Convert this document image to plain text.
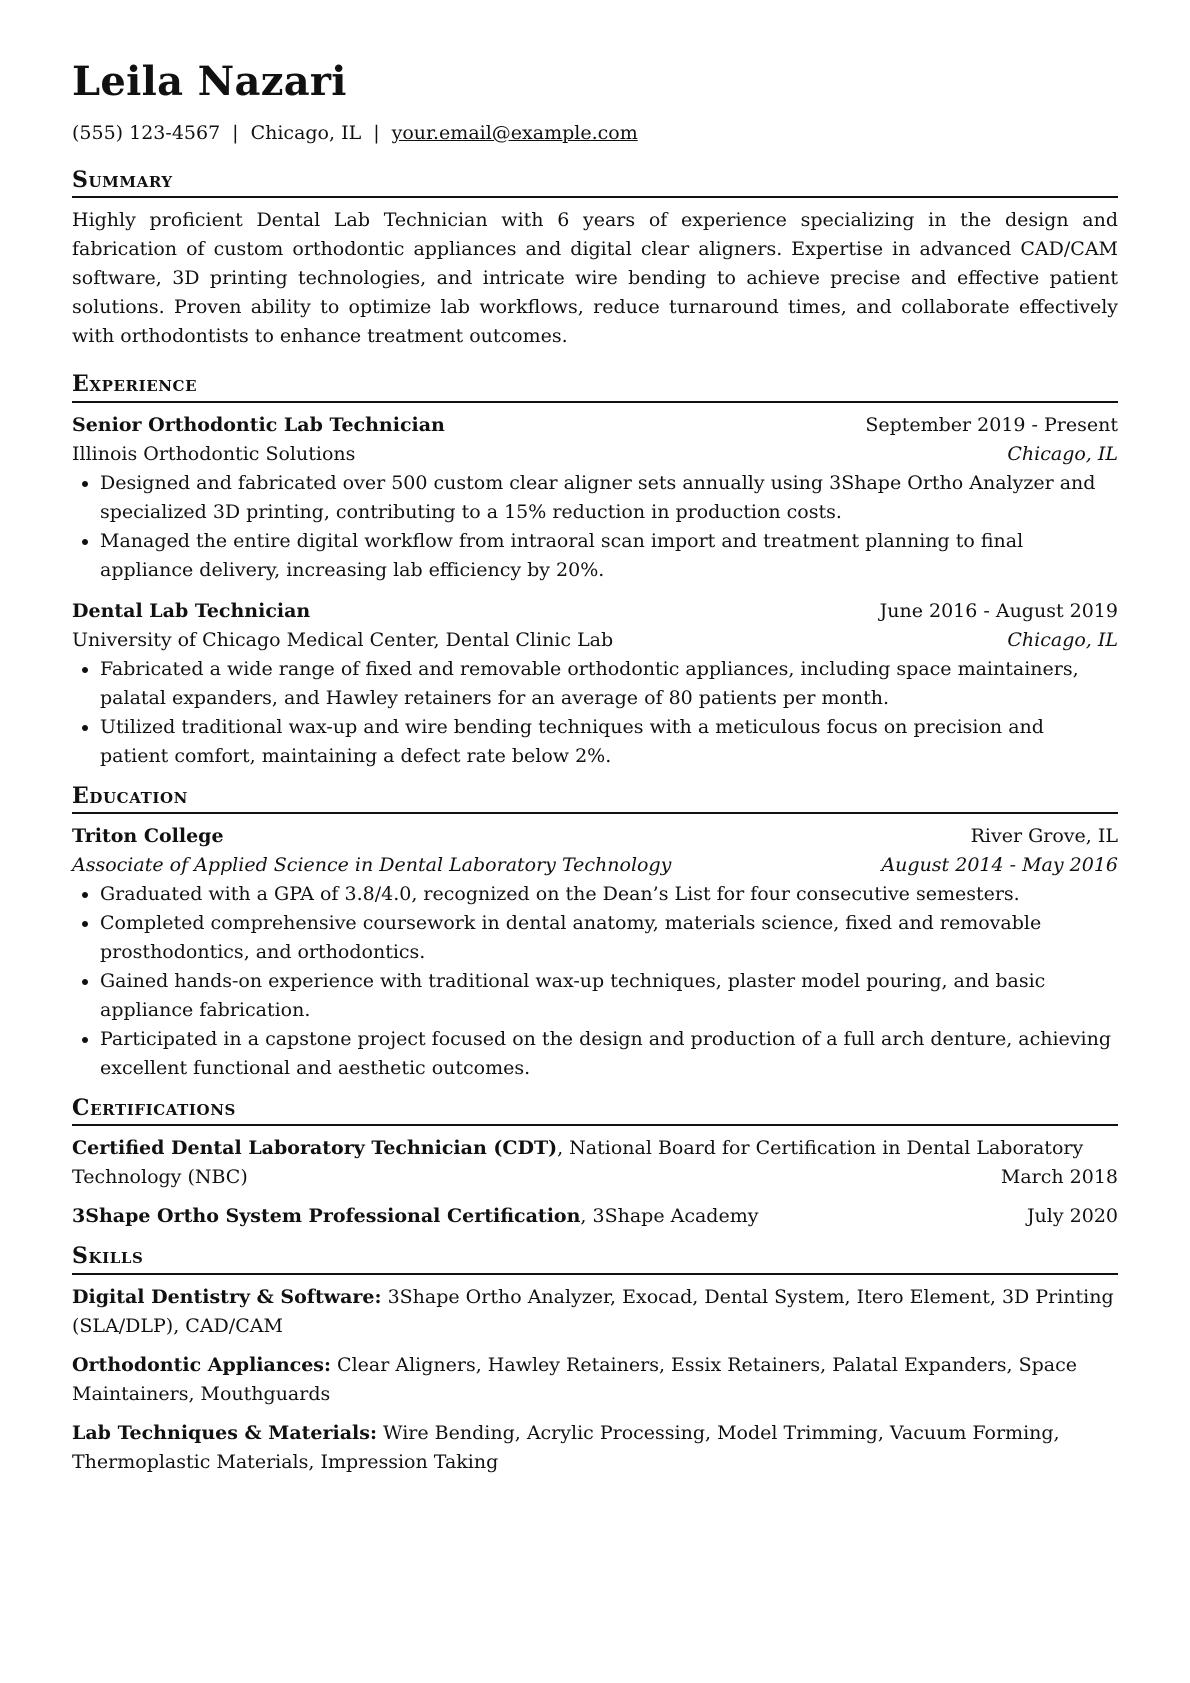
Leila Nazari
(555) 123-4567 | Chicago, IL | your.email@example.com
Summary

Highly proficient Dental Lab Technician with 6 years of experience specializing in the design and fabrication of custom orthodontic appliances and digital clear aligners. Expertise in advanced CAD/CAM software, 3D printing technologies, and intricate wire bending to achieve precise and effective patient solutions. Proven ability to optimize lab workflows, reduce turnaround times, and collaborate effectively with orthodontists to enhance treatment outcomes.

Experience
Senior Orthodontic Lab Technician	September 2019 - Present
Illinois Orthodontic Solutions	Chicago, IL
• Designed and fabricated over 500 custom clear aligner sets annually using 3Shape Ortho Analyzer and specialized 3D printing, contributing to a 15% reduction in production costs.
• Managed the entire digital workflow from intraoral scan import and treatment planning to final appliance delivery, increasing lab efficiency by 20%.
Dental Lab Technician	June 2016 - August 2019
University of Chicago Medical Center, Dental Clinic Lab	Chicago, IL
• Fabricated a wide range of fixed and removable orthodontic appliances, including space maintainers, palatal expanders, and Hawley retainers for an average of 80 patients per month.
• Utilized traditional wax-up and wire bending techniques with a meticulous focus on precision and patient comfort, maintaining a defect rate below 2%.
Education
Triton College	River Grove, IL
Associate of Applied Science in Dental Laboratory Technology	August 2014 - May 2016
• Graduated with a GPA of 3.8/4.0, recognized on the Dean’s List for four consecutive semesters.
• Completed comprehensive coursework in dental anatomy, materials science, fixed and removable prosthodontics, and orthodontics.
• Gained hands-on experience with traditional wax-up techniques, plaster model pouring, and basic appliance fabrication.
• Participated in a capstone project focused on the design and production of a full arch denture, achieving excellent functional and aesthetic outcomes.
Certifications
Certified Dental Laboratory Technician (CDT), National Board for Certification in Dental Laboratory Technology (NBC)	March 2018
3Shape Ortho System Professional Certification, 3Shape Academy	July 2020
Skills
Digital Dentistry & Software: 3Shape Ortho Analyzer, Exocad, Dental System, Itero Element, 3D Printing (SLA/DLP), CAD/CAM
Orthodontic Appliances: Clear Aligners, Hawley Retainers, Essix Retainers, Palatal Expanders, Space Maintainers, Mouthguards
Lab Techniques & Materials: Wire Bending, Acrylic Processing, Model Trimming, Vacuum Forming, Thermoplastic Materials, Impression Taking
